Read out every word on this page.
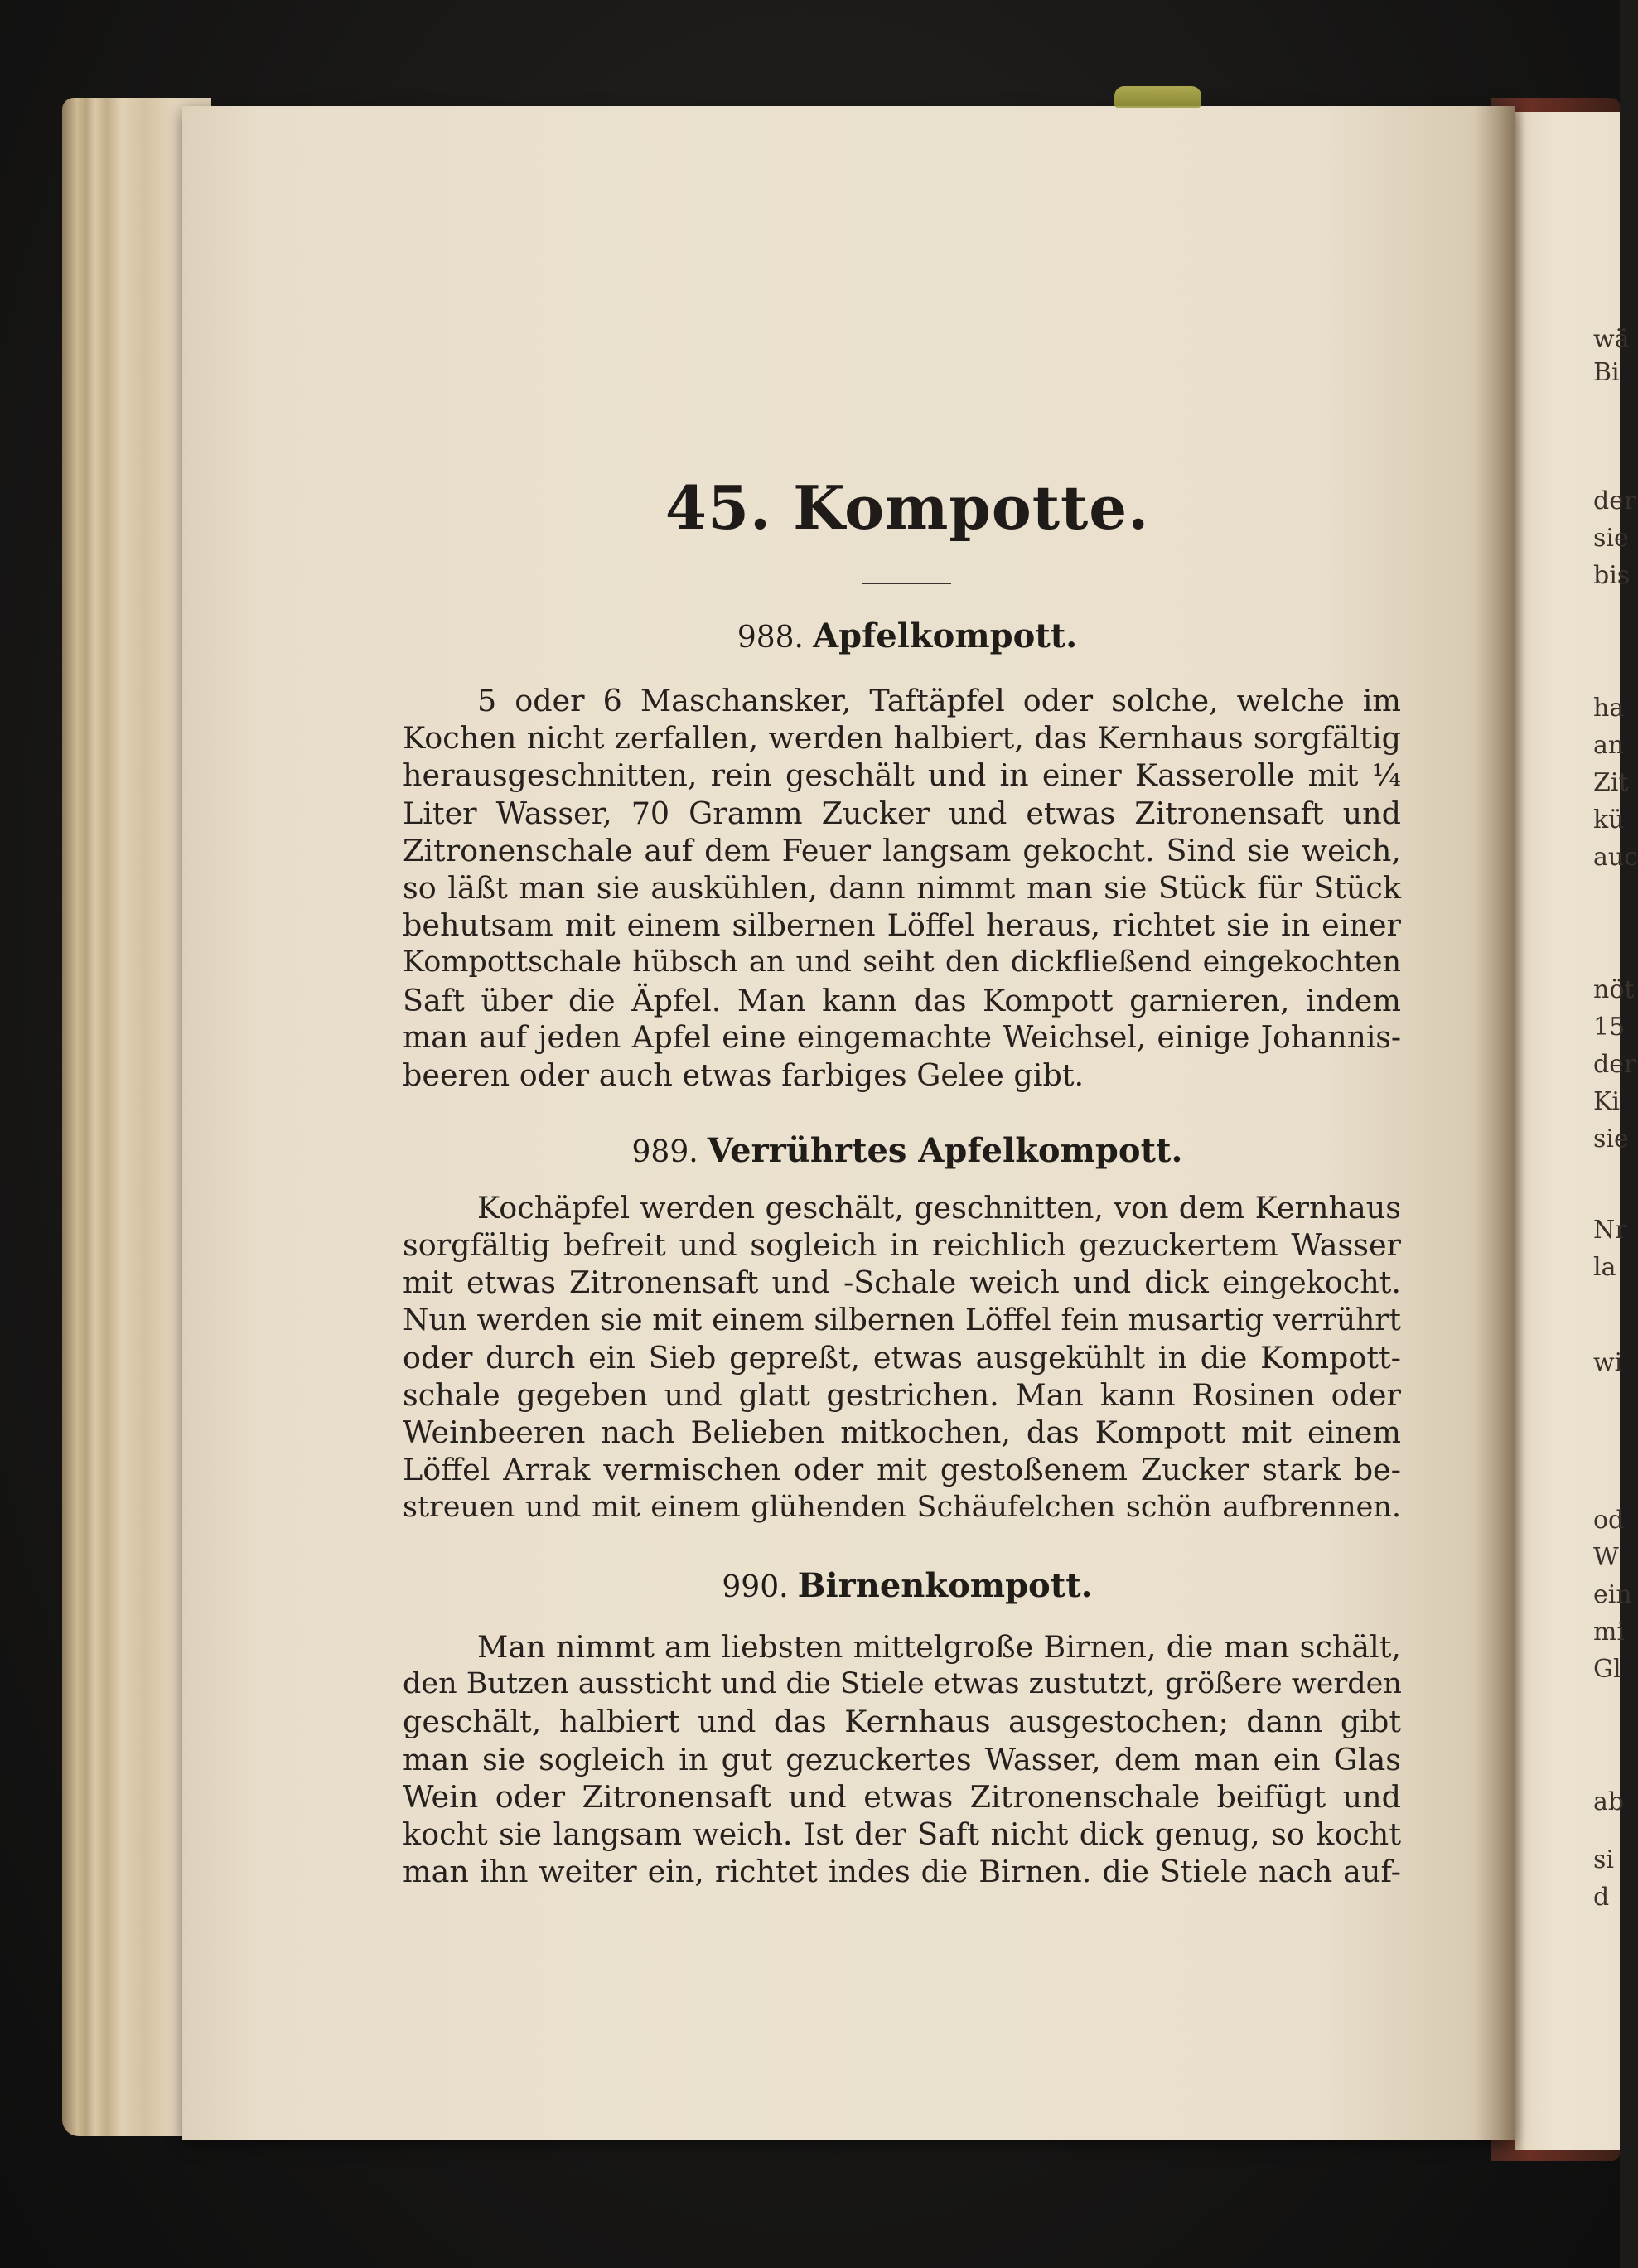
wä
Bi
der
sie
bis
ha
an
Zit
kü
auc
nöt
15
der
Ki
sie
Nr
la
wi
od
W
ein
mi
Gl
ab
si
d
45. Kompotte.
988. Apfelkompott.
5 oder 6 Maschansker, Taftäpfel oder solche, welche im
Kochen nicht zerfallen, werden halbiert, das Kernhaus sorgfältig
herausgeschnitten, rein geschält und in einer Kasserolle mit ¼
Liter Wasser, 70 Gramm Zucker und etwas Zitronensaft und
Zitronenschale auf dem Feuer langsam gekocht. Sind sie weich,
so läßt man sie auskühlen, dann nimmt man sie Stück für Stück
behutsam mit einem silbernen Löffel heraus, richtet sie in einer
Kompottschale hübsch an und seiht den dickfließend eingekochten
Saft über die Äpfel. Man kann das Kompott garnieren, indem
man auf jeden Apfel eine eingemachte Weichsel, einige Johannis-
beeren oder auch etwas farbiges Gelee gibt.
989. Verrührtes Apfelkompott.
Kochäpfel werden geschält, geschnitten, von dem Kernhaus
sorgfältig befreit und sogleich in reichlich gezuckertem Wasser
mit etwas Zitronensaft und -Schale weich und dick eingekocht.
Nun werden sie mit einem silbernen Löffel fein musartig verrührt
oder durch ein Sieb gepreßt, etwas ausgekühlt in die Kompott-
schale gegeben und glatt gestrichen. Man kann Rosinen oder
Weinbeeren nach Belieben mitkochen, das Kompott mit einem
Löffel Arrak vermischen oder mit gestoßenem Zucker stark be-
streuen und mit einem glühenden Schäufelchen schön aufbrennen.
990. Birnenkompott.
Man nimmt am liebsten mittelgroße Birnen, die man schält,
den Butzen aussticht und die Stiele etwas zustutzt, größere werden
geschält, halbiert und das Kernhaus ausgestochen; dann gibt
man sie sogleich in gut gezuckertes Wasser, dem man ein Glas
Wein oder Zitronensaft und etwas Zitronenschale beifügt und
kocht sie langsam weich. Ist der Saft nicht dick genug, so kocht
man ihn weiter ein, richtet indes die Birnen. die Stiele nach auf-
